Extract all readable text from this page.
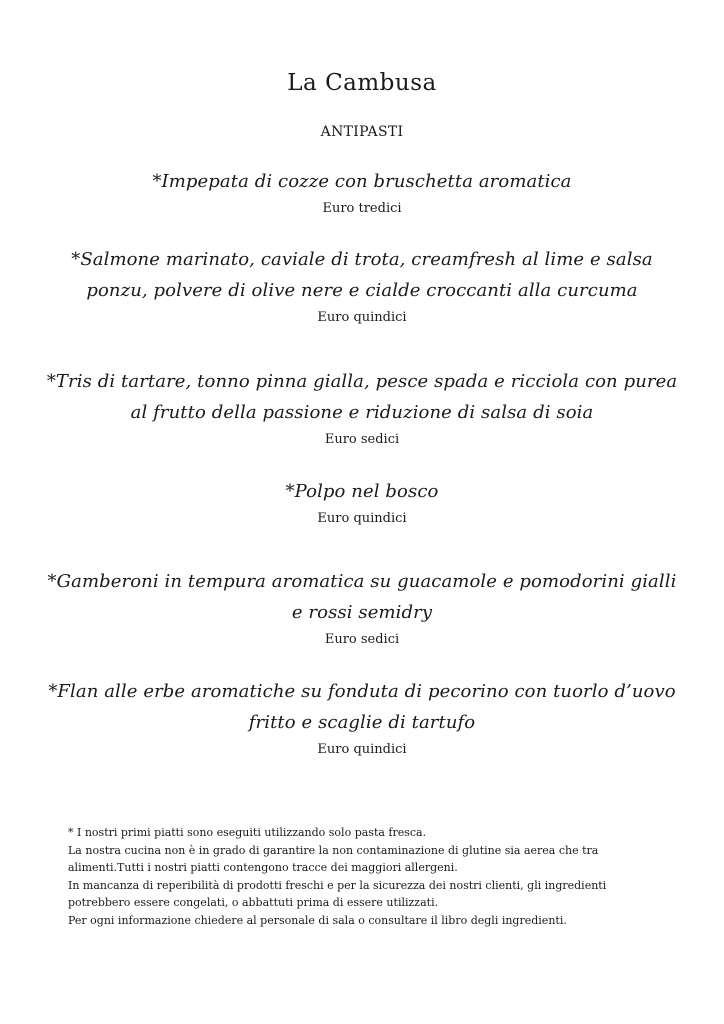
La Cambusa
ANTIPASTI
*Impepata di cozze con bruschetta aromatica
Euro tredici
*Salmone marinato, caviale di trota, creamfresh al lime e salsa ponzu, polvere di olive nere e cialde croccanti alla curcuma
Euro quindici
*Tris di tartare, tonno pinna gialla, pesce spada e ricciola con purea al frutto della passione e riduzione di salsa di soia
Euro sedici
*Polpo nel bosco
Euro quindici
*Gamberoni in tempura aromatica su guacamole e pomodorini gialli e rossi semidry
Euro sedici
*Flan alle erbe aromatiche su fonduta di pecorino con tuorlo d’uovo fritto e scaglie di tartufo
Euro quindici
* I nostri primi piatti sono eseguiti utilizzando solo pasta fresca.
La nostra cucina non è in grado di garantire la non contaminazione di glutine sia aerea che tra
alimenti.Tutti i nostri piatti contengono tracce dei maggiori allergeni.
In mancanza di reperibilità di prodotti freschi e per la sicurezza dei nostri clienti, gli ingredienti
potrebbero essere congelati, o abbattuti prima di essere utilizzati.
Per ogni informazione chiedere al personale di sala o consultare il libro degli ingredienti.
